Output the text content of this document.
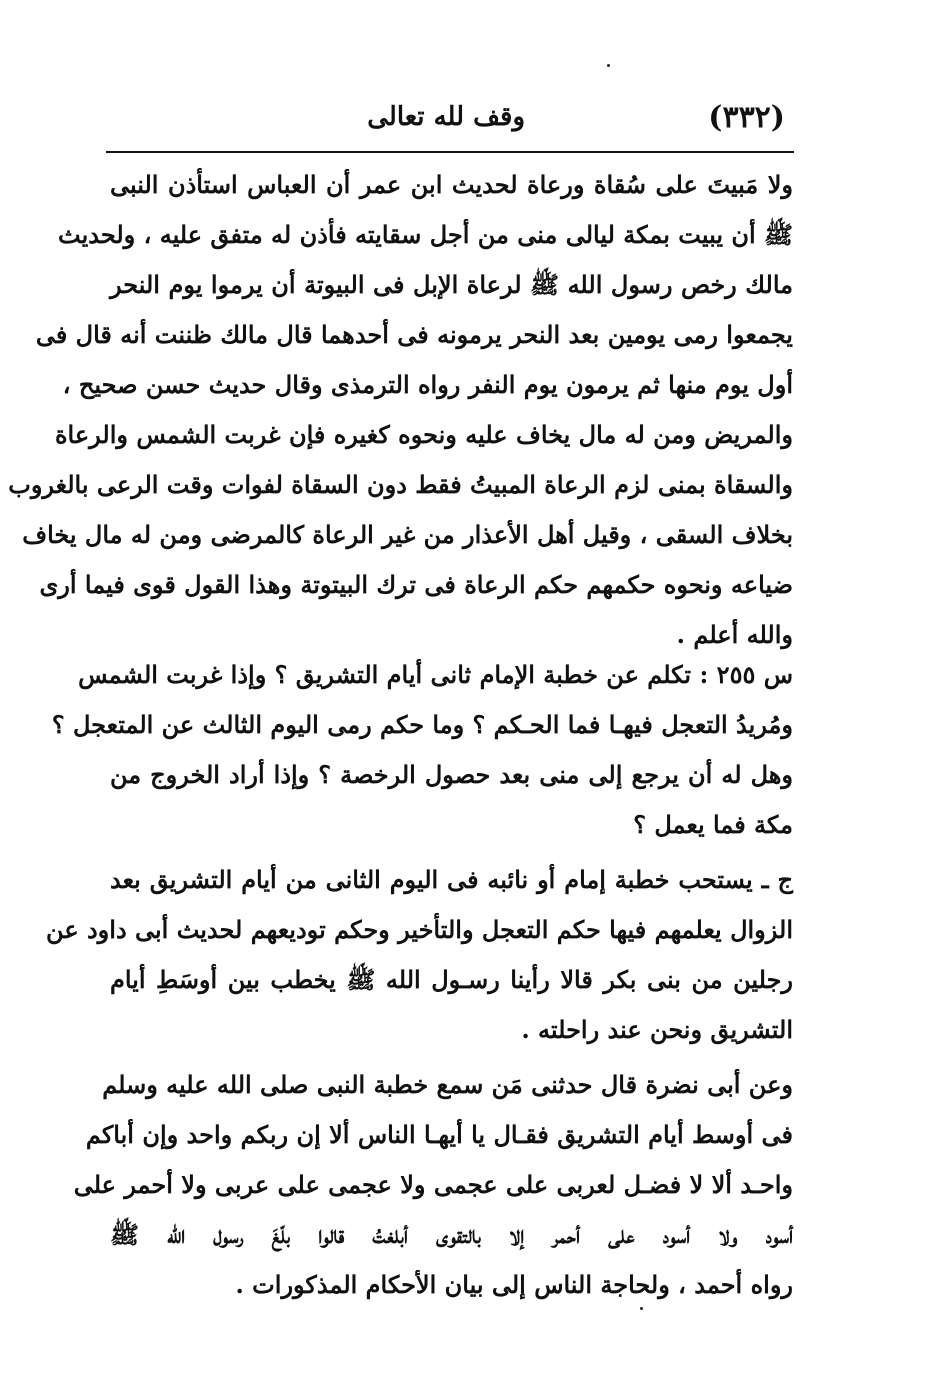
(٣٣٢)
وقف لله تعالى
ولا مَبيتَ على سُقاة ورعاة لحديث ابن عمر أن العباس استأذن النبى
ﷺ أن يبيت بمكة ليالى منى من أجل سقايته فأذن له متفق عليه ، ولحديث
مالك رخص رسول الله ﷺ لرعاة الإبل فى البيوتة أن يرموا يوم النحر
يجمعوا رمى يومين بعد النحر يرمونه فى أحدهما قال مالك ظننت أنه قال فى
أول يوم منها ثم يرمون يوم النفر رواه الترمذى وقال حديث حسن صحيح ،
والمريض ومن له مال يخاف عليه ونحوه كغيره فإن غربت الشمس والرعاة
والسقاة بمنى لزم الرعاة المبيتُ فقط دون السقاة لفوات وقت الرعى بالغروب
بخلاف السقى ، وقيل أهل الأعذار من غير الرعاة كالمرضى ومن له مال يخاف
ضياعه ونحوه حكمهم حكم الرعاة فى ترك البيتوتة وهذا القول قوى فيما أرى
والله أعلم .
س ٢٥٥ : تكلم عن خطبة الإمام ثانى أيام التشريق ؟ وإذا غربت الشمس
ومُريدُ التعجل فيهـا فما الحـكم ؟ وما حكم رمى اليوم الثالث عن المتعجل ؟
وهل له أن يرجع إلى منى بعد حصول الرخصة ؟ وإذا أراد الخروج من
مكة فما يعمل ؟
ج ـ يستحب خطبة إمام أو نائبه فى اليوم الثانى من أيام التشريق بعد
الزوال يعلمهم فيها حكم التعجل والتأخير وحكم توديعهم لحديث أبى داود عن
رجلين من بنى بكر قالا رأينا رسـول الله ﷺ يخطب بين أوسَطِ أيام
التشريق ونحن عند راحلته .
وعن أبى نضرة قال حدثنى مَن سمع خطبة النبى صلى الله عليه وسلم
فى أوسط أيام التشريق فقـال يا أيهـا الناس ألا إن ربكم واحد وإن أباكم
واحـد ألا لا فضـل لعربى على عجمى ولا عجمى على عربى ولا أحمر على
أسود ولا أسود على أحمر إلا بالتقوى أبلغتُ قالوا بلّغَ رسول الله ﷺ
رواه أحمد ، ولحاجة الناس إلى بيان الأحكام المذكورات .
